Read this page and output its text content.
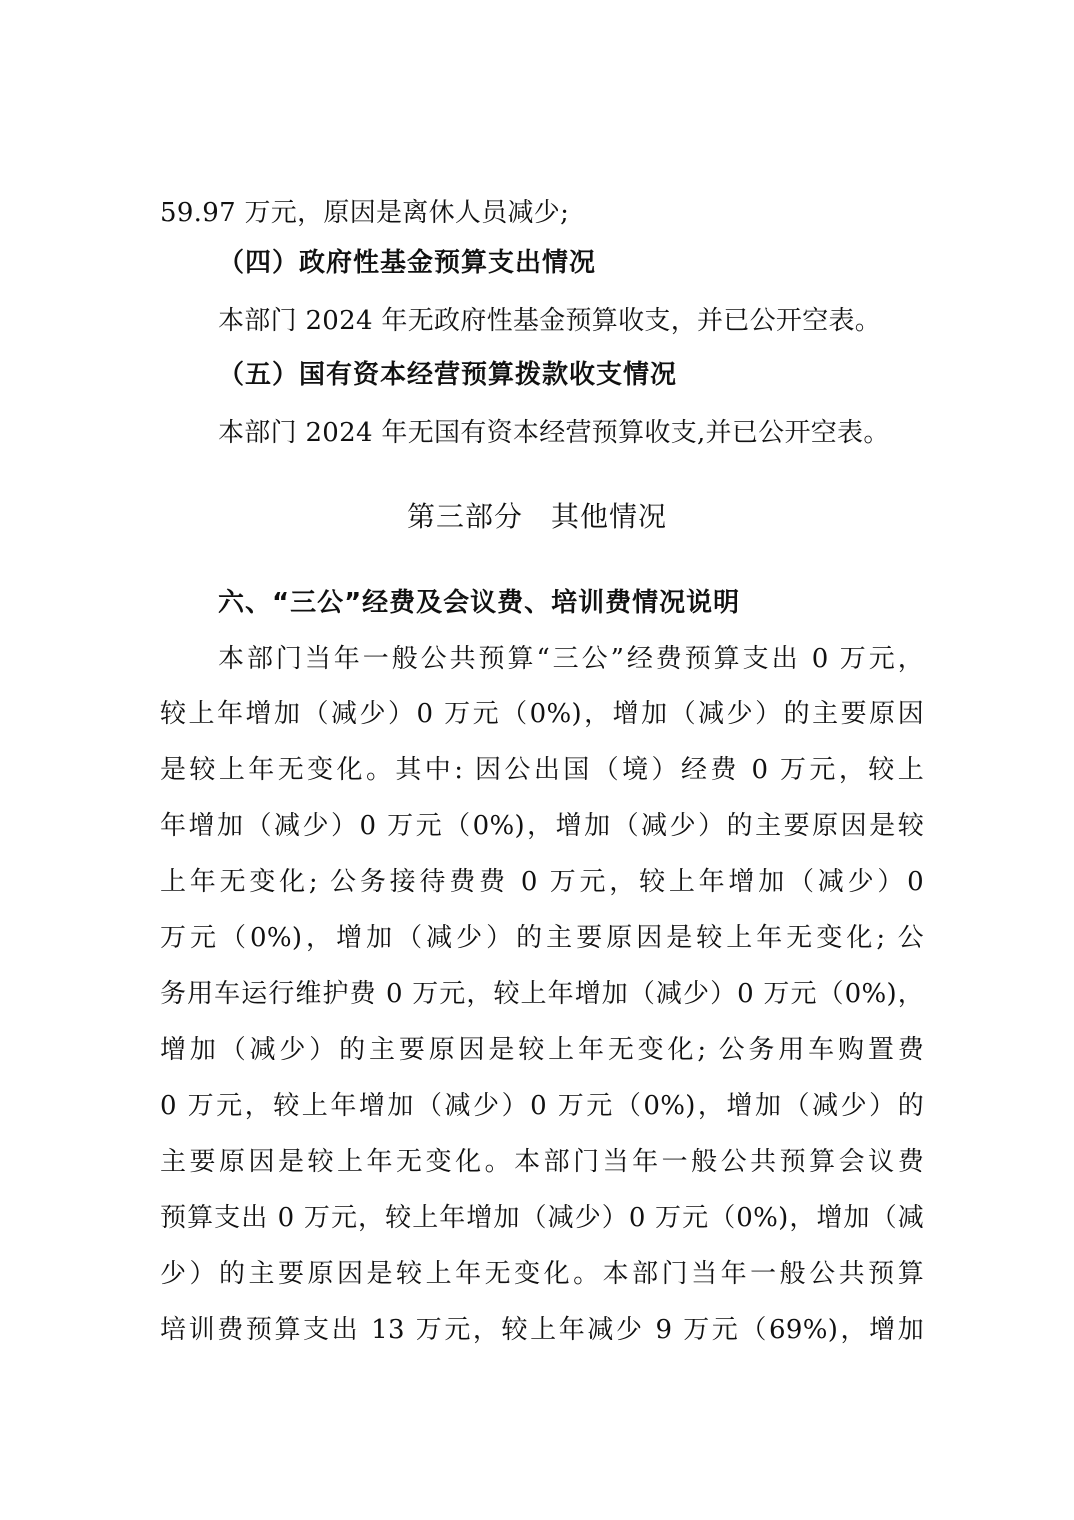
59.97 万元，原因是离休人员减少;
（四）政府性基金预算支出情况
本部门 2024 年无政府性基金预算收支，并已公开空表。
（五）国有资本经营预算拨款收支情况
本部门 2024 年无国有资本经营预算收支,并已公开空表。
第三部分 其他情况
六、“三公”经费及会议费、培训费情况说明
本部门当年一般公共预算“三公”经费预算支出 0 万元，
较上年增加（减少）0 万元（0%)，增加（减少）的主要原因
是较上年无变化。其中: 因公出国（境）经费 0 万元，较上
年增加（减少）0 万元（0%)，增加（减少）的主要原因是较
上年无变化; 公务接待费费 0 万元，较上年增加（减少）0
万元（0%)，增加（减少）的主要原因是较上年无变化; 公
务用车运行维护费 0 万元，较上年增加（减少）0 万元（0%)，
增加（减少）的主要原因是较上年无变化; 公务用车购置费
0 万元，较上年增加（减少）0 万元（0%)，增加（减少）的
主要原因是较上年无变化。本部门当年一般公共预算会议费
预算支出 0 万元，较上年增加（减少）0 万元（0%)，增加（减
少）的主要原因是较上年无变化。本部门当年一般公共预算
培训费预算支出 13 万元，较上年减少 9 万元（69%)，增加
